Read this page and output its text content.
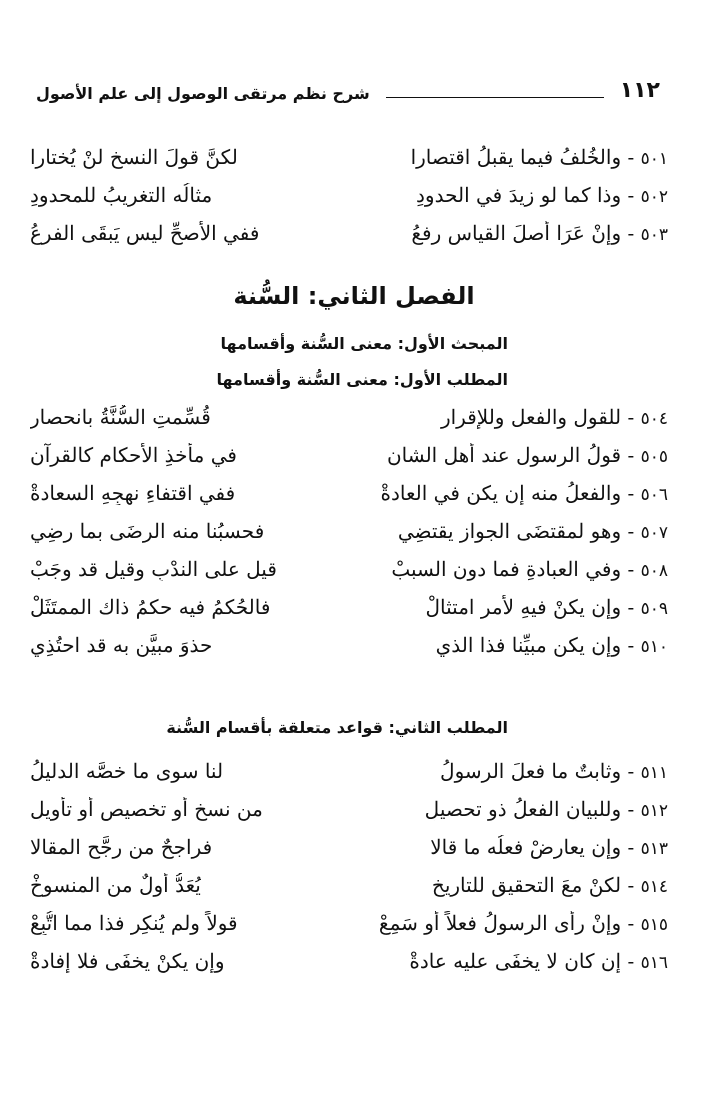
١١٢
شرح نظم مرتقى الوصول إلى علم الأصول
٥٠١ - والخُلفُ فيما يقبلُ اقتصارا
لكنَّ قولَ النسخ لنْ يُختارا
٥٠٢ - وذا كما لو زِيدَ في الحدودِ
مثالُه التغريبُ للمحدودِ
٥٠٣ - وإنْ عَرَا أصلَ القياسِ رفعُ
ففي الأصحِّ ليس يَبقَى الفرعُ
الفصل الثاني: السُّنة
المبحث الأول: معنى السُّنة وأقسامها
المطلب الأول: معنى السُّنة وأقسامها
٥٠٤ - للقولِ والفعلِ وللإقرارِ
قُسِّمتِ السُّنَّةُ بانحصارِ
٥٠٥ - قولُ الرسولِ عند أهلِ الشانِ
في مأخذِ الأحكامِ كالقرآنِ
٥٠٦ - والفعلُ منه إن يكن في العادةْ
ففي اقتفاءِ نهجِهِ السعادةْ
٥٠٧ - وهو لمقتضَى الجوازِ يقتضِي
فحسبُنا منه الرضَى بما رضِي
٥٠٨ - وفي العبادةِ فما دون السببْ
قيل على الندْبِ وقيل قد وجَبْ
٥٠٩ - وإن يكنْ فيهِ لأمرِ امتثالْ
فالحُكمُ فيه حكمُ ذاك الممتَثَلْ
٥١٠ - وإن يكن مبيِّنا فذا الذي
حذوَ مبيَّنٍ به قد احتُذِي
المطلب الثاني: قواعد متعلقة بأقسام السُّنة
٥١١ - وثابتٌ ما فعلَ الرسولُ
لنا سوى ما خصَّه الدليلُ
٥١٢ - وللبيانِ الفعلُ ذو تحصيلِ
من نسخٍ أو تخصيصٍ أو تأويلِ
٥١٣ - وإن يعارضْ فعلُه ما قالا
فراجحٌ من رجَّح المقالا
٥١٤ - لكنْ معَ التحقيقِ للتاريخِ
يُعَدُّ أولٌ من المنسوخْ
٥١٥ - وإنْ رأى الرسولُ فعلاً أو سَمِعْ
قولاً ولم يُنكِر فذا مما اتُّبِعْ
٥١٦ - إن كان لا يخفَى عليه عادةْ
وإن يكنْ يخفَى فلا إفادةْ
